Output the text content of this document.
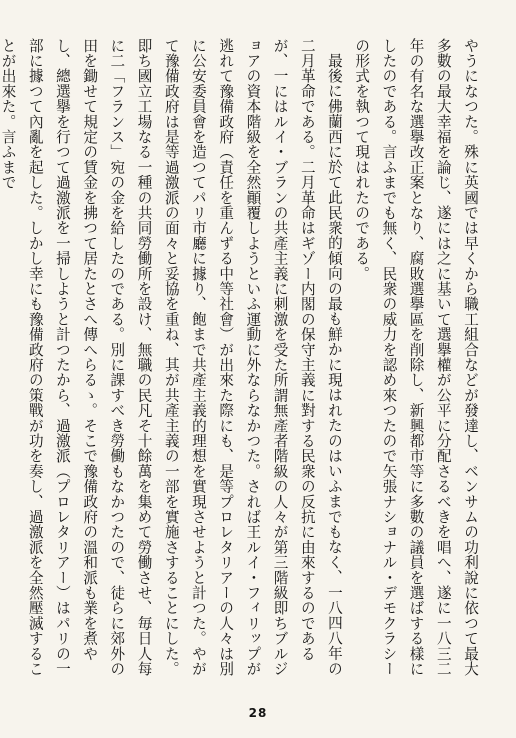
やうになつた。殊に英國では早くから職工組合などが發達し、ベンサムの功利說に依つて最大多數の最大幸福を論じ、遂には之に基いて選擧權が公平に分配さるべきを唱へ、遂に一八三二年の有名な選擧改正案となり、腐敗選擧區を削除し、新興都市等に多數の議員を選ばする樣にしたのである。言ふまでも無く、民衆の威力を認め來つたので矢張ナショナル・デモクラシーの形式を執つて現はれたのである。

最後に佛蘭西に於て此民衆的傾向の最も鮮かに現はれたのはいふまでもなく、一八四八年の二月革命である。二月革命はギゾー内閣の保守主義に對する民衆の反抗に由來するのであるが、一にはルイ・ブランの共產主義に刺激を受た所謂無產者階級の人々が第三階級即ちブルジョアの資本階級を全然顚覆しようといふ運動に外ならなかつた。されば王ルイ・フィリップが逃れて豫備政府（責任を重んずる中等社會）が出來た際にも、是等プロレタリアーの人々は別に公安委員會を造つてパリ市廳に據り、飽まで共產主義的理想を實現させようと計つた。やがて豫備政府は是等過激派の面々と妥協を重ね、其が共產主義の一部を實施さすることにした。即ち國立工場なる一種の共同勞働所を設け、無職の民凡そ十餘萬を集めて勞働させ、毎日人每に二「フランス」宛の金を給したのである。別に課すべき勞働もなかつたので、徒らに郊外の田を鋤せて規定の賃金を拂つて居たとさへ傳へらるゝ。そこで豫備政府の溫和派も業を煮やし、總選擧を行つて過激派を一掃しようと計つたから、過激派（プロレタリアー）はパリの一部に據つて內亂を起した。しかし幸にも豫備政府の策戰が功を奏し、過激派を全然壓滅することが出來た。言ふまで

28
